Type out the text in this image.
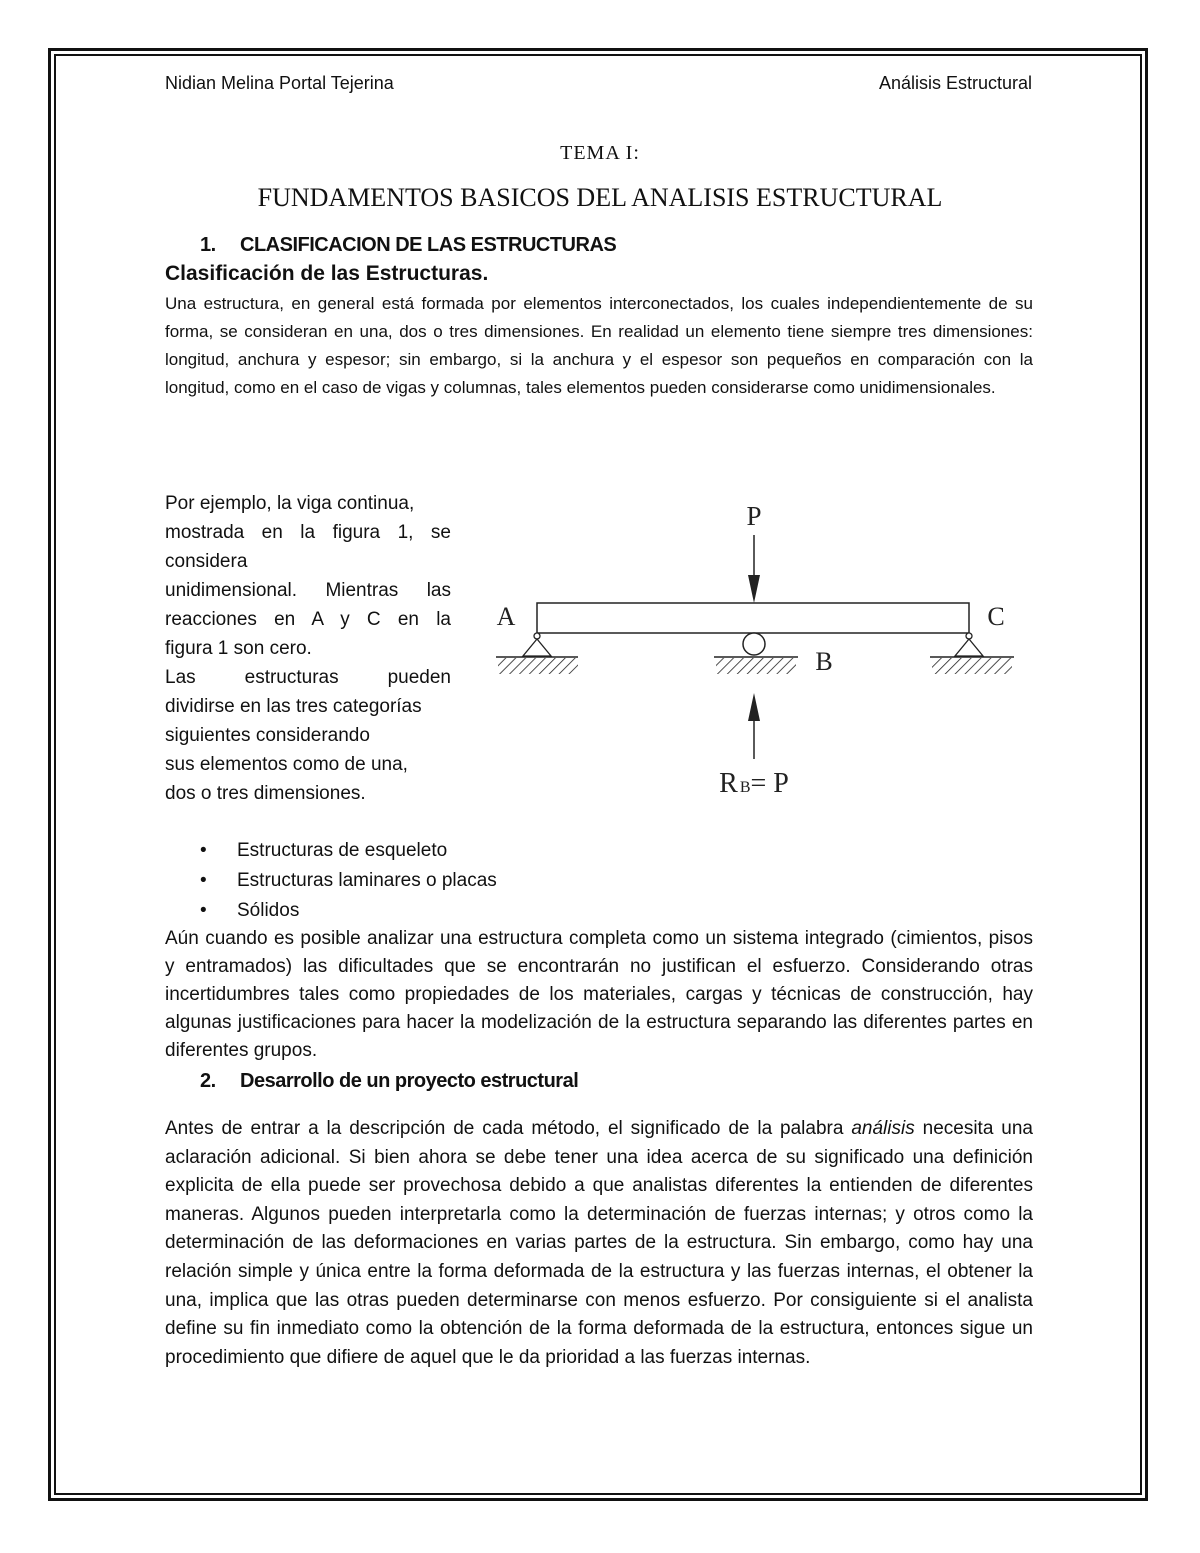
Nidian Melina Portal Tejerina	Análisis Estructural
TEMA I:
FUNDAMENTOS BASICOS DEL ANALISIS ESTRUCTURAL
1. CLASIFICACION DE LAS ESTRUCTURAS
Clasificación de las Estructuras.
Una estructura, en general está formada por elementos interconectados, los cuales independientemente de su forma, se consideran en una, dos o tres dimensiones. En realidad un elemento tiene siempre tres dimensiones: longitud, anchura y espesor; sin embargo, si la anchura y el espesor son pequeños en comparación con la longitud, como en el caso de vigas y columnas, tales elementos pueden considerarse como unidimensionales.
Por ejemplo, la viga continua,
mostrada en la figura 1, se
considera
unidimensional. Mientras las
reacciones en A y C en la
figura 1 son cero.
Las estructuras pueden
dividirse en las tres categorías
siguientes considerando
sus elementos como de una,
dos o tres dimensiones.
P
A
B
C
R B= P
• Estructuras de esqueleto
• Estructuras laminares o placas
• Sólidos
Aún cuando es posible analizar una estructura completa como un sistema integrado (cimientos, pisos y entramados) las dificultades que se encontrarán no justifican el esfuerzo. Considerando otras incertidumbres tales como propiedades de los materiales, cargas y técnicas de construcción, hay algunas justificaciones para hacer la modelización de la estructura separando las diferentes partes en diferentes grupos.
2. Desarrollo de un proyecto estructural
Antes de entrar a la descripción de cada método, el significado de la palabra análisis necesita una aclaración adicional. Si bien ahora se debe tener una idea acerca de su significado una definición explicita de ella puede ser provechosa debido a que analistas diferentes la entienden de diferentes maneras. Algunos pueden interpretarla como la determinación de fuerzas internas; y otros como la determinación de las deformaciones en varias partes de la estructura. Sin embargo, como hay una relación simple y única entre la forma deformada de la estructura y las fuerzas internas, el obtener la una, implica que las otras pueden determinarse con menos esfuerzo. Por consiguiente si el analista define su fin inmediato como la obtención de la forma deformada de la estructura, entonces sigue un procedimiento que difiere de aquel que le da prioridad a las fuerzas internas.
